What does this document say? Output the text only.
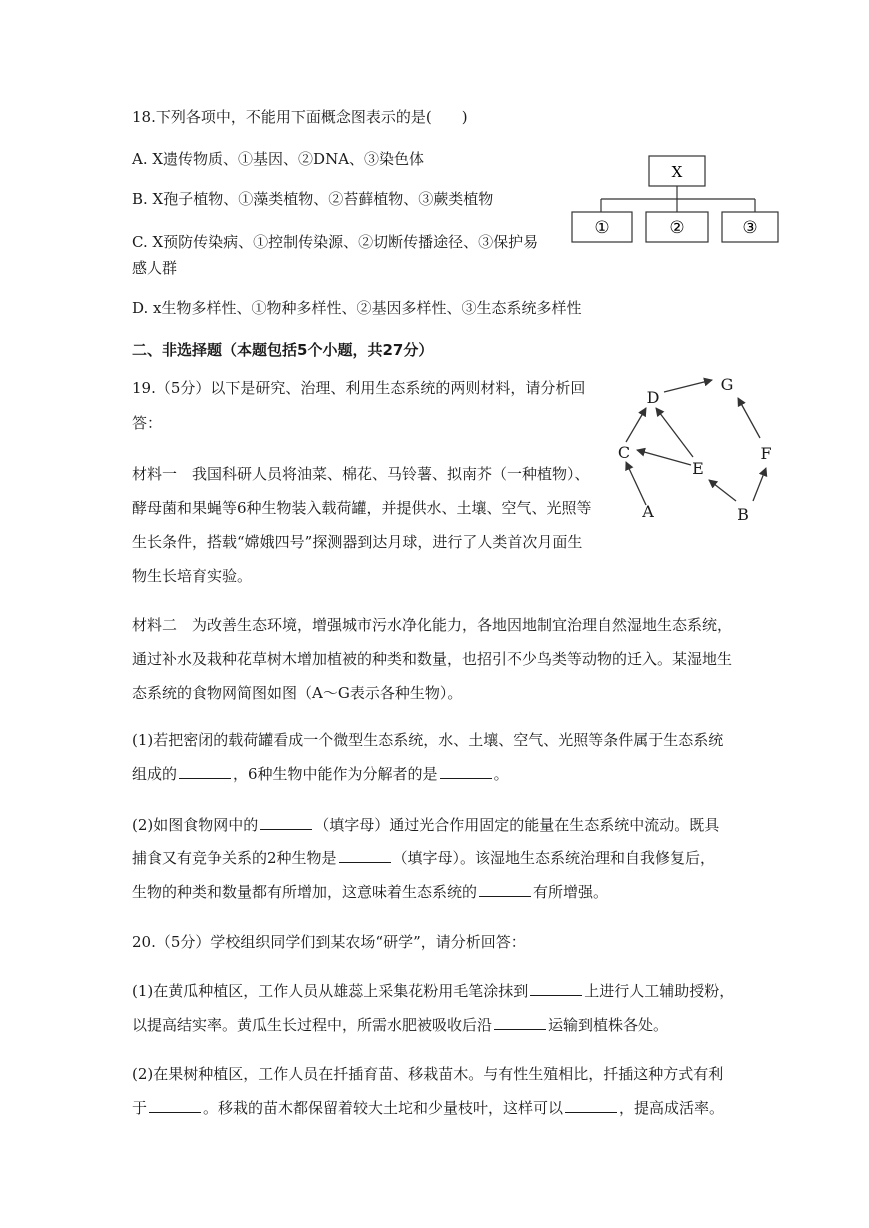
18.下列各项中，不能用下面概念图表示的是(　　)
A. X遗传物质、①基因、②DNA、③染色体
B. X孢子植物、①藻类植物、②苔藓植物、③蕨类植物
C. X预防传染病、①控制传染源、②切断传播途径、③保护易
感人群
D. x生物多样性、①物种多样性、②基因多样性、③生态系统多样性
X
①	②	③
二、非选择题（本题包括5个小题，共27分）
19.（5分）以下是研究、治理、利用生态系统的两则材料，请分析回
答：
材料一　我国科研人员将油菜、棉花、马铃薯、拟南芥（一种植物）、
酵母菌和果蝇等6种生物装入载荷罐，并提供水、土壤、空气、光照等
生长条件，搭载“嫦娥四号”探测器到达月球，进行了人类首次月面生
物生长培育实验。
A	B
C
D
E
F
G
材料二　为改善生态环境，增强城市污水净化能力，各地因地制宜治理自然湿地生态系统，
通过补水及栽种花草树木增加植被的种类和数量，也招引不少鸟类等动物的迁入。某湿地生
态系统的食物网简图如图（A～G表示各种生物）。
(1)若把密闭的载荷罐看成一个微型生态系统，水、土壤、空气、光照等条件属于生态系统
组成的	，6种生物中能作为分解者的是	。
(2)如图食物网中的	（填字母）通过光合作用固定的能量在生态系统中流动。既具
捕食又有竞争关系的2种生物是	（填字母）。该湿地生态系统治理和自我修复后，
生物的种类和数量都有所增加，这意味着生态系统的	有所增强。
20.（5分）学校组织同学们到某农场“研学”，请分析回答：
(1)在黄瓜种植区，工作人员从雄蕊上采集花粉用毛笔涂抹到	上进行人工辅助授粉，
以提高结实率。黄瓜生长过程中，所需水肥被吸收后沿	运输到植株各处。
(2)在果树种植区，工作人员在扦插育苗、移栽苗木。与有性生殖相比，扦插这种方式有利
于	。移栽的苗木都保留着较大土坨和少量枝叶，这样可以	，提高成活率。
